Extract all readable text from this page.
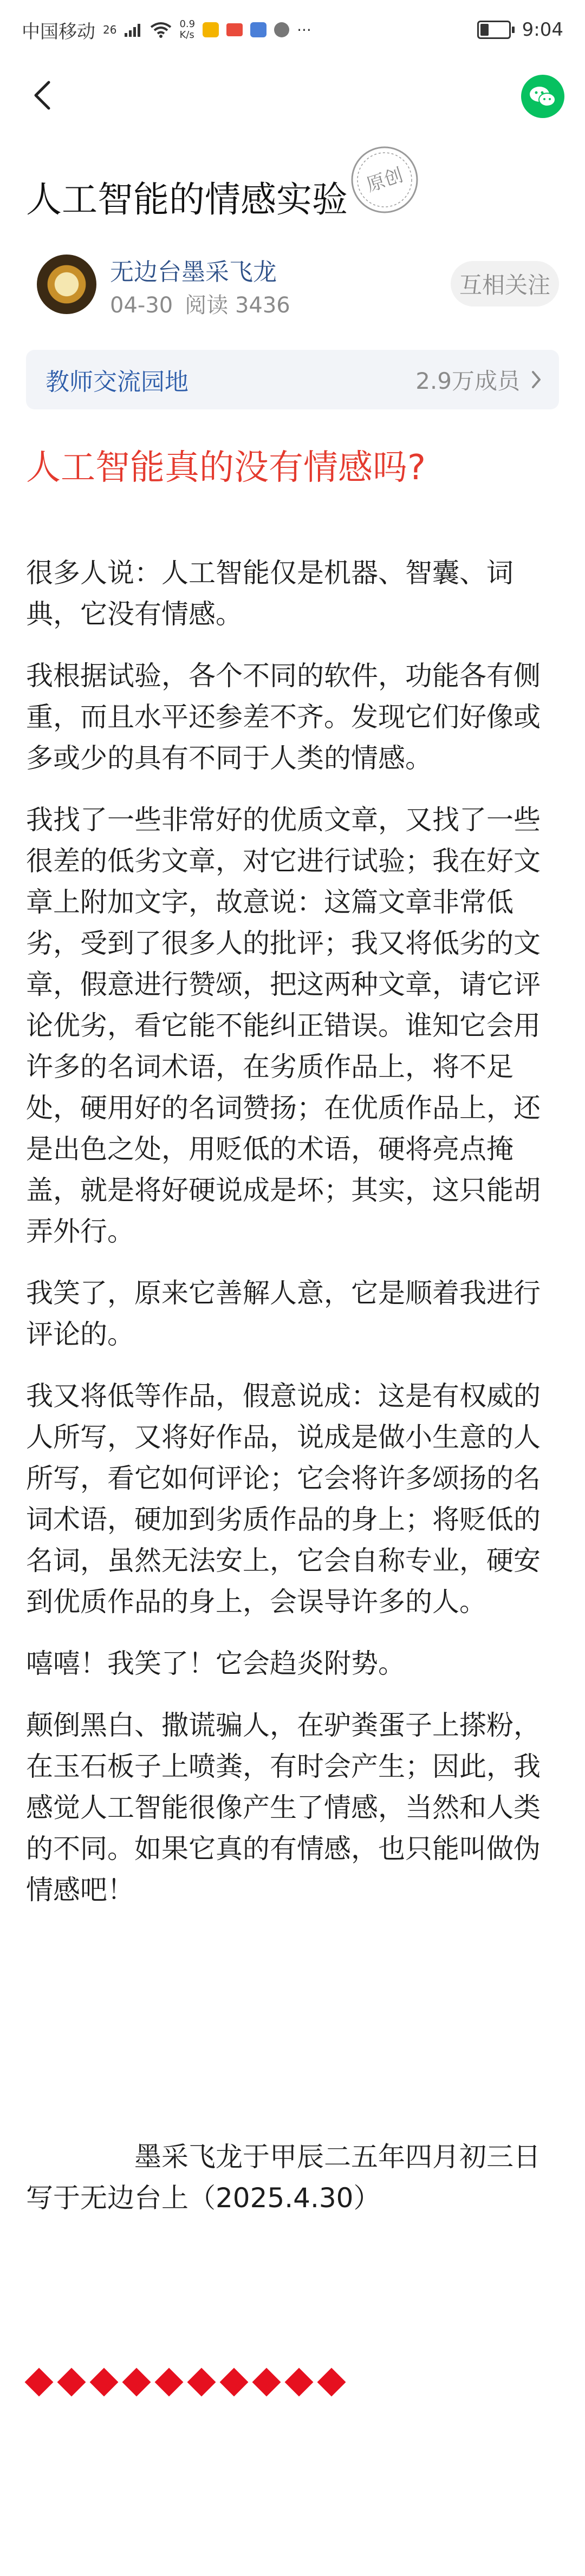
中国移动 26	0.9
K/s	···	9:04
人工智能的情感实验 原创
无边台墨采飞龙
04-30 阅读 3436
互相关注
教师交流园地	2.9万成员
人工智能真的没有情感吗?

很多人说：人工智能仅是机器、智囊、词典，它没有情感。

我根据试验，各个不同的软件，功能各有侧重，而且水平还参差不齐。发现它们好像或多或少的具有不同于人类的情感。

我找了一些非常好的优质文章，又找了一些很差的低劣文章，对它进行试验；我在好文章上附加文字，故意说：这篇文章非常低劣，受到了很多人的批评；我又将低劣的文章，假意进行赞颂，把这两种文章，请它评论优劣，看它能不能纠正错误。谁知它会用许多的名词术语，在劣质作品上，将不足处，硬用好的名词赞扬；在优质作品上，还是出色之处，用贬低的术语，硬将亮点掩盖，就是将好硬说成是坏；其实，这只能胡弄外行。

我笑了，原来它善解人意，它是顺着我进行评论的。

我又将低等作品，假意说成：这是有权威的人所写，又将好作品，说成是做小生意的人所写，看它如何评论；它会将许多颂扬的名词术语，硬加到劣质作品的身上；将贬低的名词，虽然无法安上，它会自称专业，硬安到优质作品的身上，会误导许多的人。

嘻嘻！我笑了！它会趋炎附势。

颠倒黑白、撒谎骗人，在驴粪蛋子上搽粉，在玉石板子上喷粪，有时会产生；因此，我感觉人工智能很像产生了情感，当然和人类的不同。如果它真的有情感，也只能叫做伪情感吧！

墨采飞龙于甲辰二五年四月初三日写于无边台上（2025.4.30）
